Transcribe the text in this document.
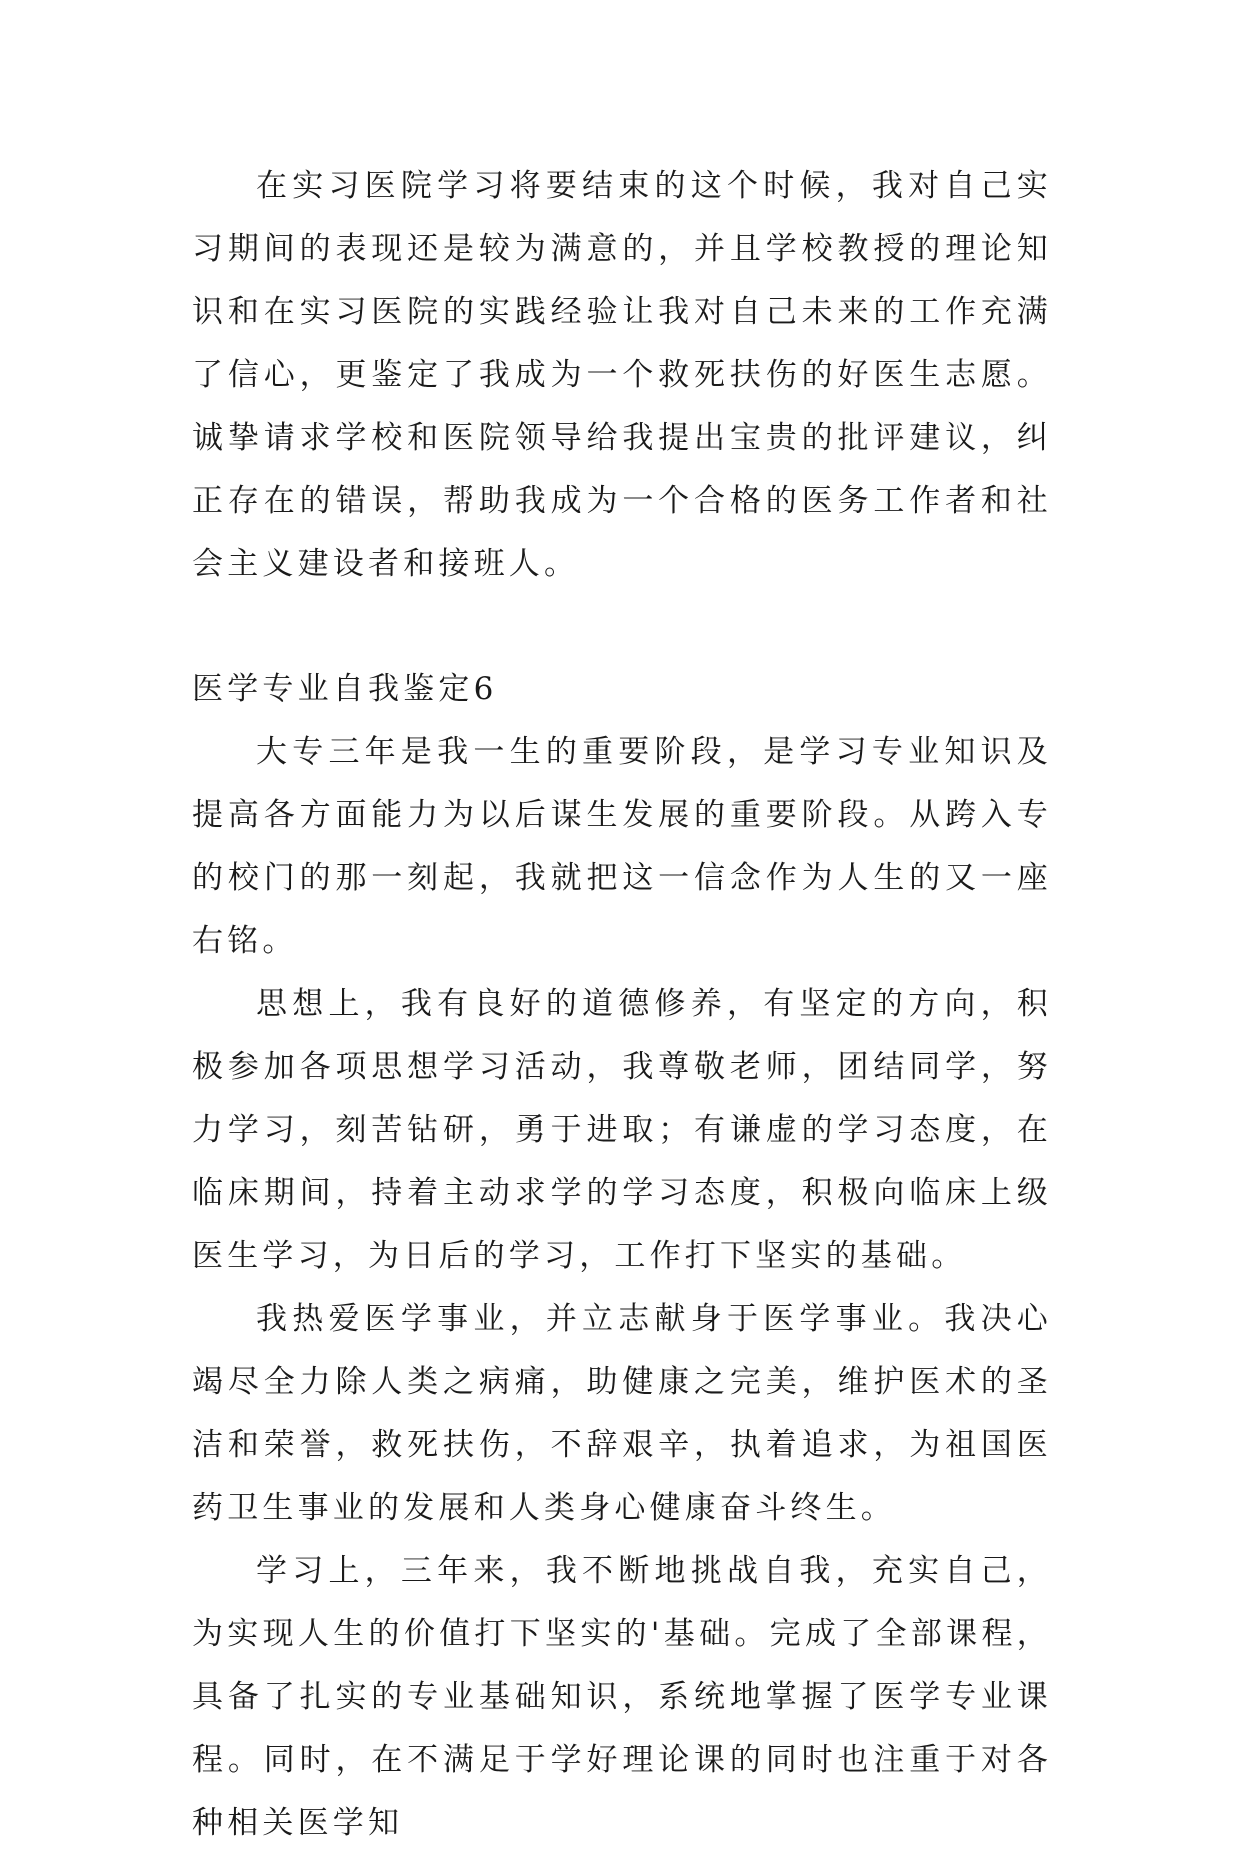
在实习医院学习将要结束的这个时候，我对自己实习期间的表现还是较为满意的，并且学校教授的理论知识和在实习医院的实践经验让我对自己未来的工作充满了信心，更鉴定了我成为一个救死扶伤的好医生志愿。诚挚请求学校和医院领导给我提出宝贵的批评建议，纠正存在的错误，帮助我成为一个合格的医务工作者和社会主义建设者和接班人。

医学专业自我鉴定6

大专三年是我一生的重要阶段，是学习专业知识及提高各方面能力为以后谋生发展的重要阶段。从跨入专的校门的那一刻起，我就把这一信念作为人生的又一座右铭。

思想上，我有良好的道德修养，有坚定的方向，积极参加各项思想学习活动，我尊敬老师，团结同学，努力学习，刻苦钻研，勇于进取；有谦虚的学习态度，在临床期间，持着主动求学的学习态度，积极向临床上级医生学习，为日后的学习，工作打下坚实的基础。

我热爱医学事业，并立志献身于医学事业。我决心竭尽全力除人类之病痛，助健康之完美，维护医术的圣洁和荣誉，救死扶伤，不辞艰辛，执着追求，为祖国医药卫生事业的发展和人类身心健康奋斗终生。

学习上，三年来，我不断地挑战自我，充实自己，为实现人生的价值打下坚实的'基础。完成了全部课程，具备了扎实的专业基础知识，系统地掌握了医学专业课程。同时，在不满足于学好理论课的同时也注重于对各种相关医学知
